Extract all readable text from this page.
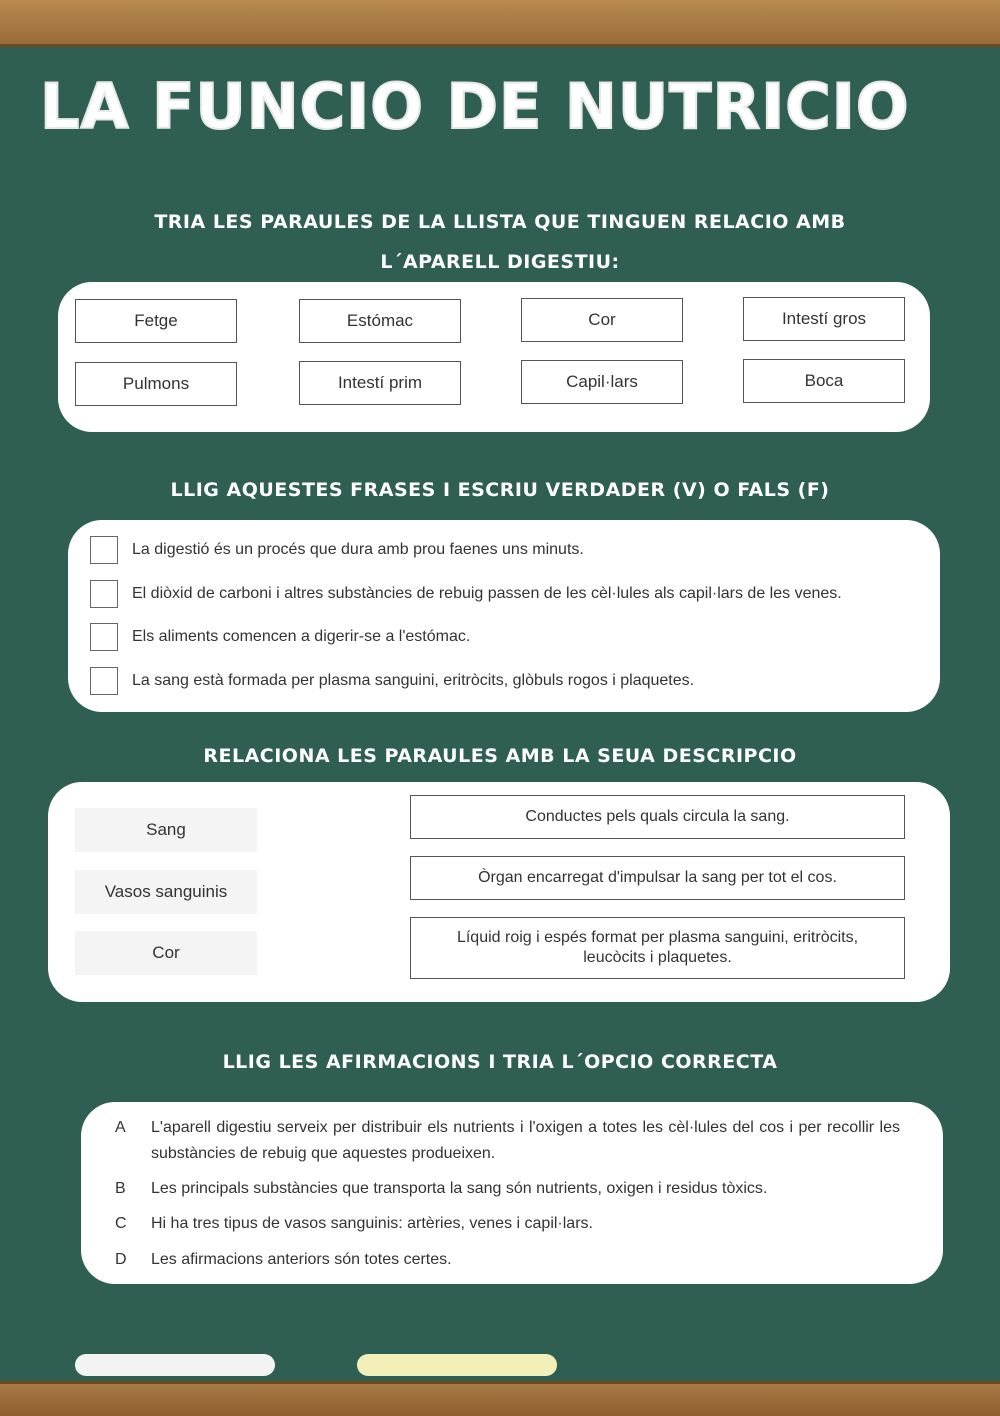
LA FUNCIO DE NUTRICIO
TRIA LES PARAULES DE LA LLISTA QUE TINGUEN RELACIO AMB
L´APARELL DIGESTIU:
Fetge	Estómac	Cor	Intestí gros
Pulmons	Intestí prim	Capil·lars	Boca
LLIG AQUESTES FRASES I ESCRIU VERDADER (V) O FALS (F)
La digestió és un procés que dura amb prou faenes uns minuts.
El diòxid de carboni i altres substàncies de rebuig passen de les cèl·lules als capil·lars de les venes.
Els aliments comencen a digerir-se a l'estómac.
La sang està formada per plasma sanguini, eritròcits, glòbuls rogos i plaquetes.
RELACIONA LES PARAULES AMB LA SEUA DESCRIPCIO
Sang
Vasos sanguinis
Cor
Conductes pels quals circula la sang.
Òrgan encarregat d'impulsar la sang per tot el cos.
Líquid roig i espés format per plasma sanguini, eritròcits, leucòcits i plaquetes.
LLIG LES AFIRMACIONS I TRIA L´OPCIO CORRECTA
A	L'aparell digestiu serveix per distribuir els nutrients i l'oxigen a totes les cèl·lules del cos i per recollir les substàncies de rebuig que aquestes produeixen.
B	Les principals substàncies que transporta la sang són nutrients, oxigen i residus tòxics.
C	Hi ha tres tipus de vasos sanguinis: artèries, venes i capil·lars.
D	Les afirmacions anteriors són totes certes.
